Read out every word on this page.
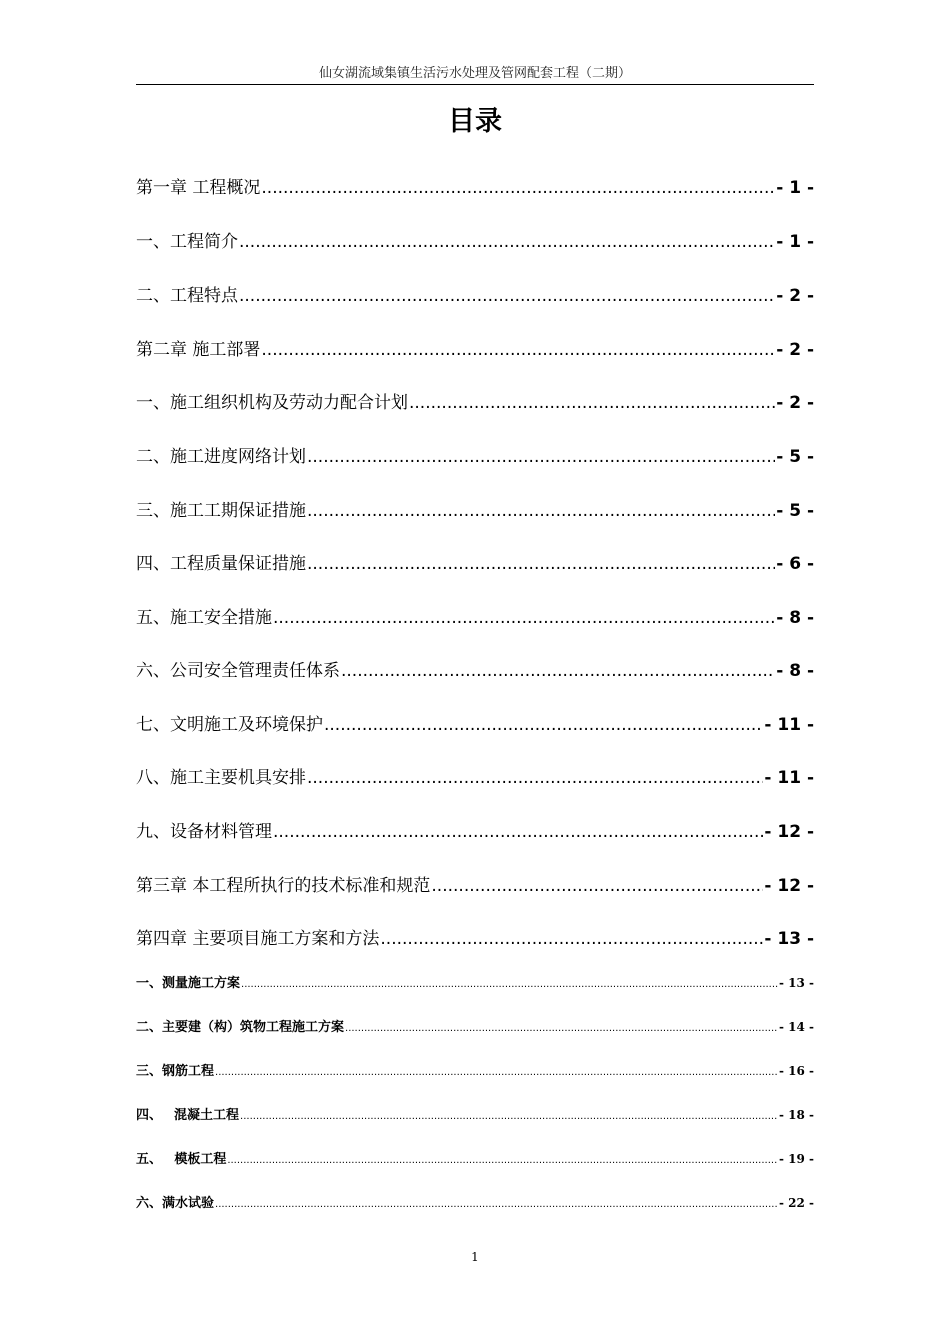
仙女湖流域集镇生活污水处理及管网配套工程（二期）
目录
第一章 工程概况 .....	- 1 -
一、工程简介 .....	- 1 -
二、工程特点 .....	- 2 -
第二章 施工部署 .....	- 2 -
一、施工组织机构及劳动力配合计划 .....	- 2 -
二、施工进度网络计划 .....	- 5 -
三、施工工期保证措施 .....	- 5 -
四、工程质量保证措施 .....	- 6 -
五、施工安全措施 .....	- 8 -
六、公司安全管理责任体系 .....	- 8 -
七、文明施工及环境保护 .....	- 11 -
八、施工主要机具安排 .....	- 11 -
九、设备材料管理 .....	- 12 -
第三章 本工程所执行的技术标准和规范 .....	- 12 -
第四章 主要项目施工方案和方法 .....	- 13 -
一、测量施工方案 .....	- 13 -
二、主要建（构）筑物工程施工方案 .....	- 14 -
三、钢筋工程 .....	- 16 -
四、 混凝土工程 .....	- 18 -
五、 模板工程 .....	- 19 -
六、满水试验 .....	- 22 -
1
